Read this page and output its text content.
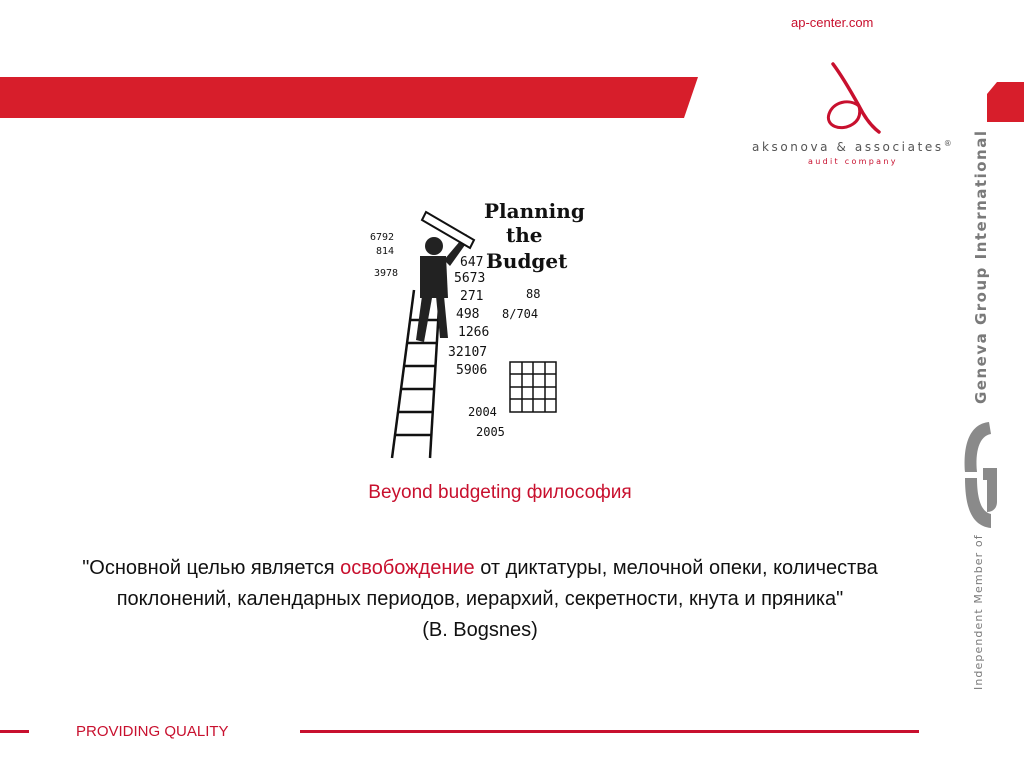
ap-center.com
aksonova & associates®
audit company	Geneva Group International
Independent Member of
Planning
the
Budget
6792
814
3978
647
5673
271
498
1266
32107
5906
88
8/704
2004
2005
Beyond budgeting философия
"Основной целью является освобождение от диктатуры, мелочной опеки, количества поклонений, календарных периодов, иерархий, секретности, кнута и пряника"
(B. Bogsnes)
PROVIDING QUALITY
